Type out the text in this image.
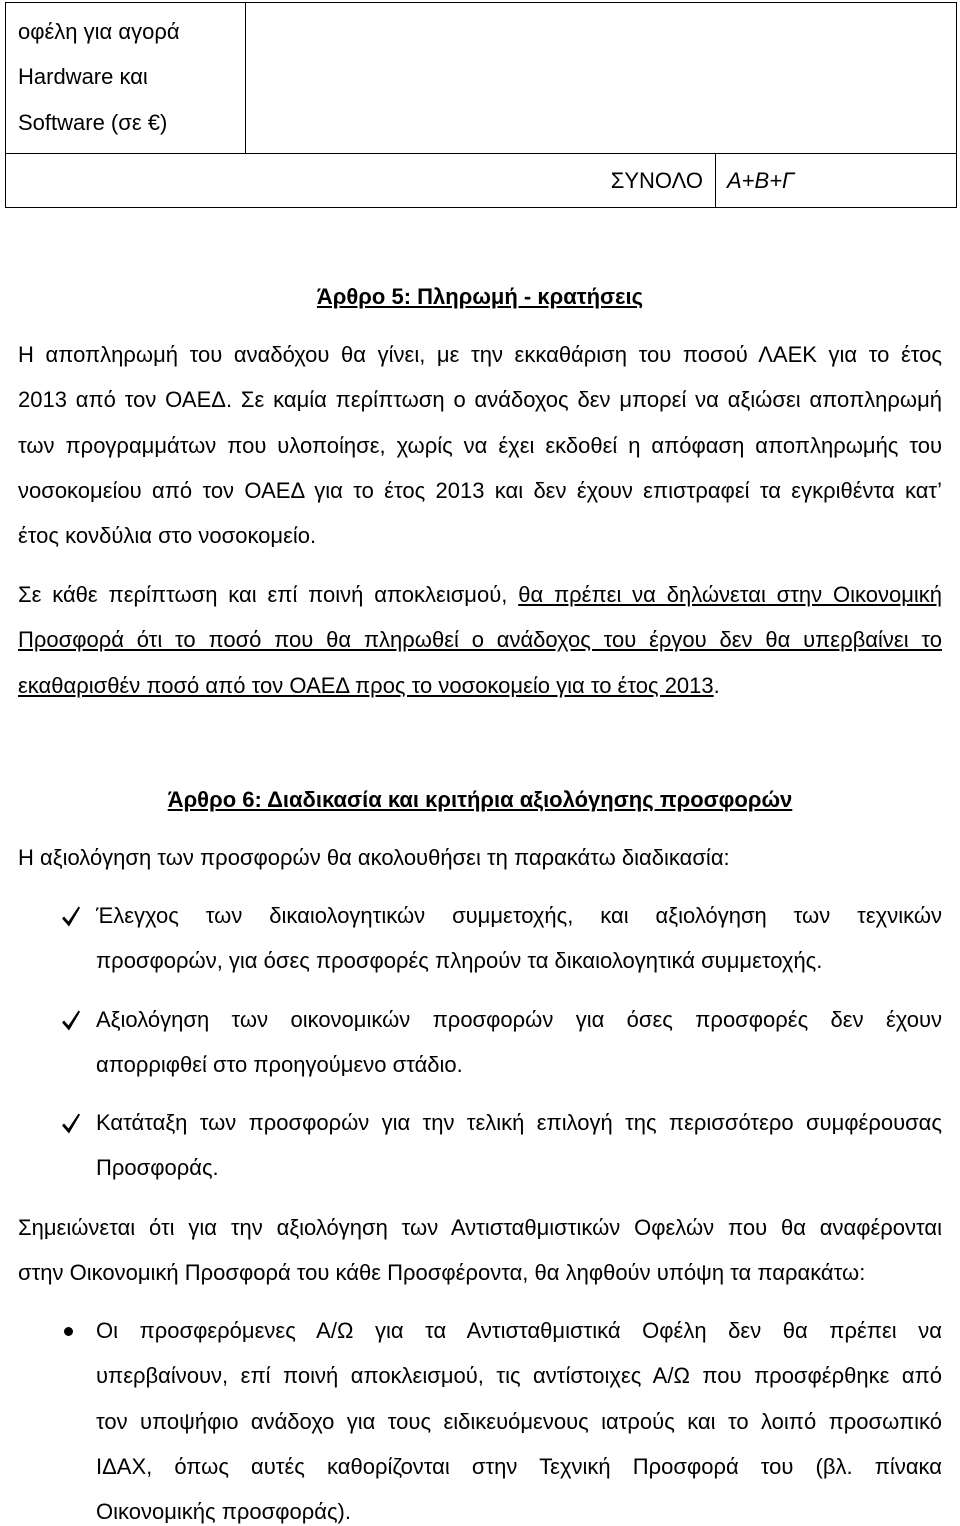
οφέλη για αγορά
Hardware και
Software (σε €)
ΣΥΝΟΛΟ	Α+Β+Γ
Άρθρο 5: Πληρωμή - κρατήσεις
Η αποπληρωμή του αναδόχου θα γίνει, με την εκκαθάριση του ποσού ΛΑΕΚ για το έτος
2013 από τον ΟΑΕΔ. Σε καμία περίπτωση ο ανάδοχος δεν μπορεί να αξιώσει αποπληρωμή
των προγραμμάτων που υλοποίησε, χωρίς να έχει εκδοθεί η απόφαση αποπληρωμής του
νοσοκομείου από τον ΟΑΕΔ για το έτος 2013 και δεν έχουν επιστραφεί τα εγκριθέντα κατ’
έτος κονδύλια στο νοσοκομείο.
Σε κάθε περίπτωση και επί ποινή αποκλεισμού, θα πρέπει να δηλώνεται στην Οικονομική
Προσφορά ότι το ποσό που θα πληρωθεί ο ανάδοχος του έργου δεν θα υπερβαίνει το
εκαθαρισθέν ποσό από τον ΟΑΕΔ προς το νοσοκομείο για το έτος 2013.
Άρθρο 6: Διαδικασία και κριτήρια αξιολόγησης προσφορών
Η αξιολόγηση των προσφορών θα ακολουθήσει τη παρακάτω διαδικασία:
Έλεγχος των δικαιολογητικών συμμετοχής, και αξιολόγηση των τεχνικών
προσφορών, για όσες προσφορές πληρούν τα δικαιολογητικά συμμετοχής.
Αξιολόγηση των οικονομικών προσφορών για όσες προσφορές δεν έχουν
απορριφθεί στο προηγούμενο στάδιο.
Κατάταξη των προσφορών για την τελική επιλογή της περισσότερο συμφέρουσας
Προσφοράς.
Σημειώνεται ότι για την αξιολόγηση των Αντισταθμιστικών Οφελών που θα αναφέρονται
στην Οικονομική Προσφορά του κάθε Προσφέροντα, θα ληφθούν υπόψη τα παρακάτω:
Οι προσφερόμενες Α/Ω για τα Αντισταθμιστικά Οφέλη δεν θα πρέπει να
υπερβαίνουν, επί ποινή αποκλεισμού, τις αντίστοιχες Α/Ω που προσφέρθηκε από
τον υποψήφιο ανάδοχο για τους ειδικευόμενους ιατρούς και το λοιπό προσωπικό
ΙΔΑΧ, όπως αυτές καθορίζονται στην Τεχνική Προσφορά του (βλ. πίνακα
Οικονομικής προσφοράς).
